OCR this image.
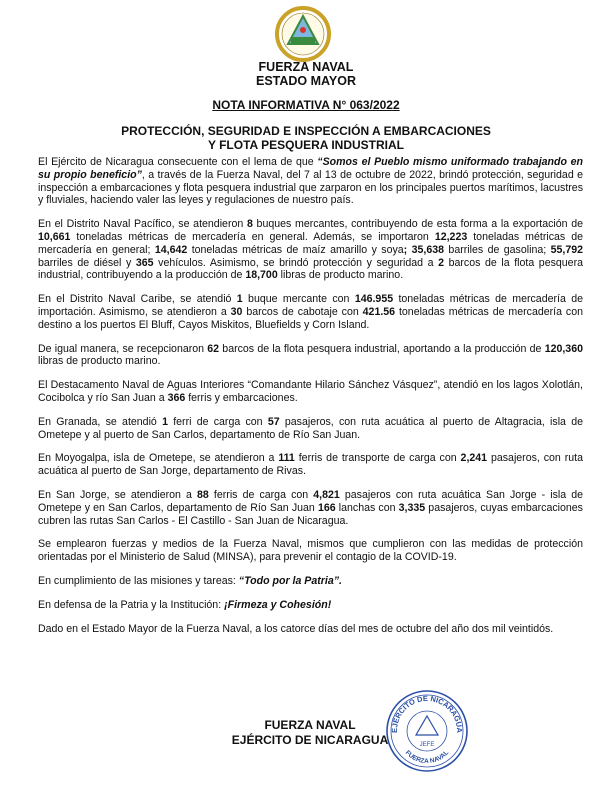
FUERZA NAVAL
ESTADO MAYOR
NOTA INFORMATIVA N° 063/2022
PROTECCIÓN, SEGURIDAD E INSPECCIÓN A EMBARCACIONES
Y FLOTA PESQUERA INDUSTRIAL

El Ejército de Nicaragua consecuente con el lema de que “Somos el Pueblo mismo uniformado trabajando en su propio beneficio”, a través de la Fuerza Naval, del 7 al 13 de octubre de 2022, brindó protección, seguridad e inspección a embarcaciones y flota pesquera industrial que zarparon en los principales puertos marítimos, lacustres y fluviales, haciendo valer las leyes y regulaciones de nuestro país.

En el Distrito Naval Pacífico, se atendieron 8 buques mercantes, contribuyendo de esta forma a la exportación de 10,661 toneladas métricas de mercadería en general. Además, se importaron 12,223 toneladas métricas de mercadería en general; 14,642 toneladas métricas de maíz amarillo y soya; 35,638 barriles de gasolina; 55,792 barriles de diésel y 365 vehículos. Asimismo, se brindó protección y seguridad a 2 barcos de la flota pesquera industrial, contribuyendo a la producción de 18,700 libras de producto marino.

En el Distrito Naval Caribe, se atendió 1 buque mercante con 146.955 toneladas métricas de mercadería de importación. Asimismo, se atendieron a 30 barcos de cabotaje con 421.56 toneladas métricas de mercadería con destino a los puertos El Bluff, Cayos Miskitos, Bluefields y Corn Island.

De igual manera, se recepcionaron 62 barcos de la flota pesquera industrial, aportando a la producción de 120,360 libras de producto marino.

El Destacamento Naval de Aguas Interiores “Comandante Hilario Sánchez Vásquez”, atendió en los lagos Xolotlán, Cocibolca y río San Juan a 366 ferris y embarcaciones.

En Granada, se atendió 1 ferri de carga con 57 pasajeros, con ruta acuática al puerto de Altagracia, isla de Ometepe y al puerto de San Carlos, departamento de Río San Juan.

En Moyogalpa, isla de Ometepe, se atendieron a 111 ferris de transporte de carga con 2,241 pasajeros, con ruta acuática al puerto de San Jorge, departamento de Rivas.

En San Jorge, se atendieron a 88 ferris de carga con 4,821 pasajeros con ruta acuática San Jorge - isla de Ometepe y en San Carlos, departamento de Río San Juan 166 lanchas con 3,335 pasajeros, cuyas embarcaciones cubren las rutas San Carlos - El Castillo - San Juan de Nicaragua.

Se emplearon fuerzas y medios de la Fuerza Naval, mismos que cumplieron con las medidas de protección orientadas por el Ministerio de Salud (MINSA), para prevenir el contagio de la COVID-19.

En cumplimiento de las misiones y tareas: “Todo por la Patria”.

En defensa de la Patria y la Institución: ¡Firmeza y Cohesión!

Dado en el Estado Mayor de la Fuerza Naval, a los catorce días del mes de octubre del año dos mil veintidós.

FUERZA NAVAL
EJÉRCITO DE NICARAGUA
EJÉRCITO DE NICARAGUA
FUERZA NAVAL
JEFE
